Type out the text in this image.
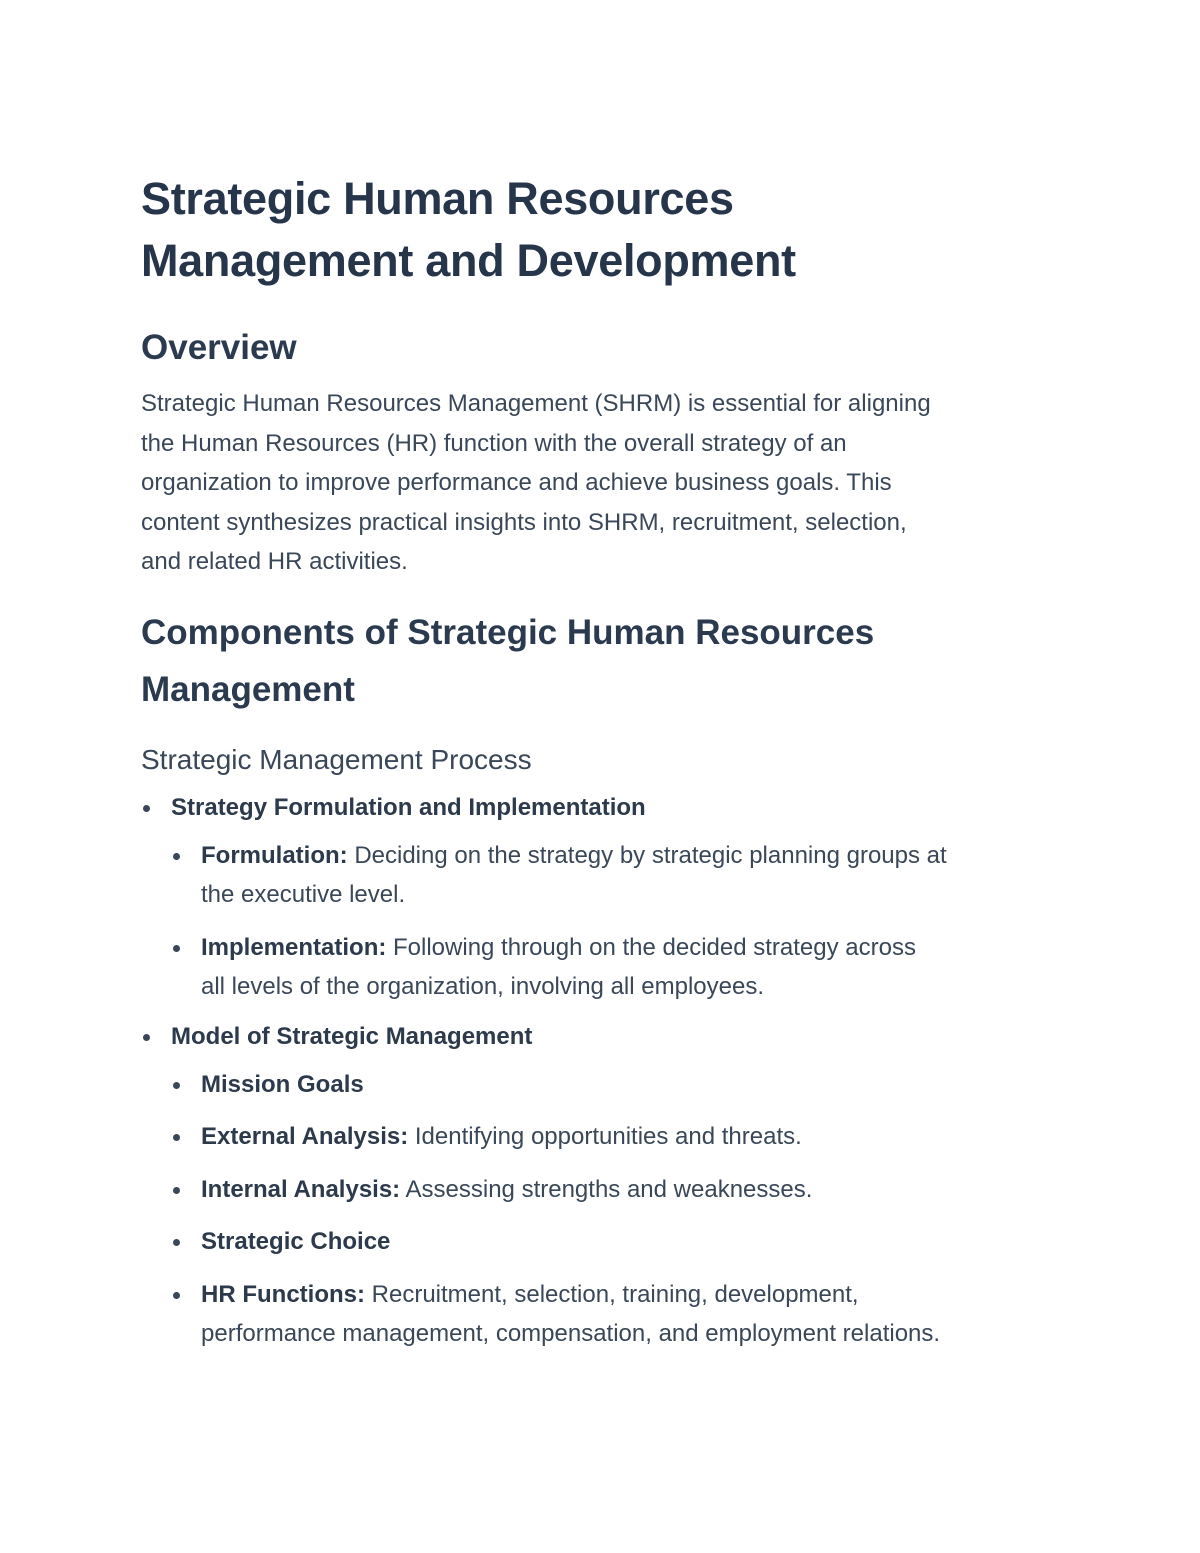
Strategic Human Resources
Management and Development
Overview

Strategic Human Resources Management (SHRM) is essential for aligning
the Human Resources (HR) function with the overall strategy of an
organization to improve performance and achieve business goals. This
content synthesizes practical insights into SHRM, recruitment, selection,
and related HR activities.

Components of Strategic Human Resources
Management
Strategic Management Process
Strategy Formulation and Implementation
Formulation: Deciding on the strategy by strategic planning groups at
the executive level.
Implementation: Following through on the decided strategy across
all levels of the organization, involving all employees.
Model of Strategic Management
Mission Goals
External Analysis: Identifying opportunities and threats.
Internal Analysis: Assessing strengths and weaknesses.
Strategic Choice
HR Functions: Recruitment, selection, training, development,
performance management, compensation, and employment relations.
